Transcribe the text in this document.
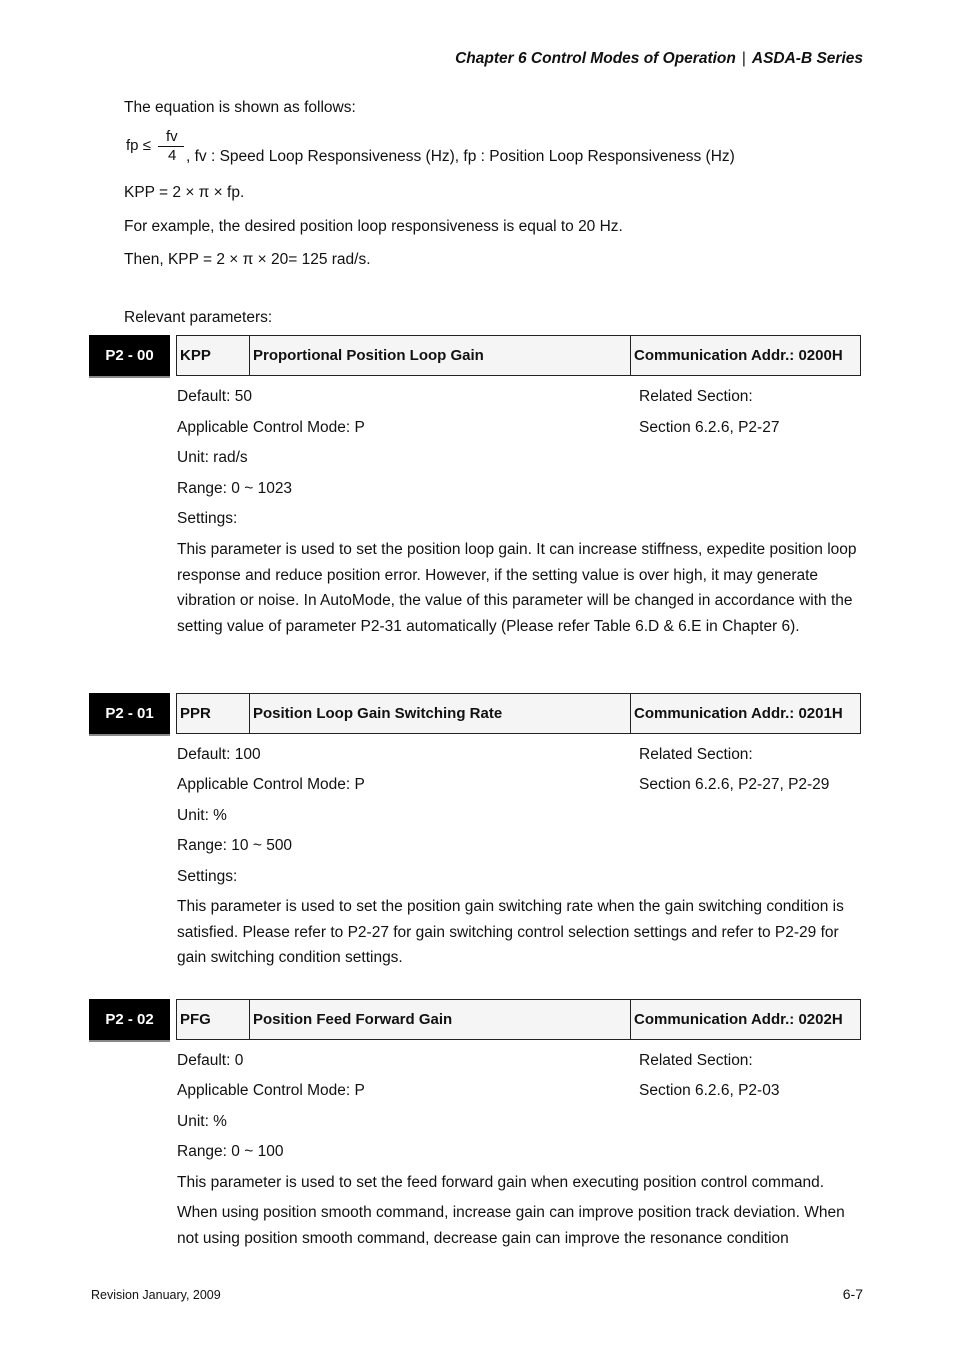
Chapter 6 Control Modes of Operation | ASDA-B Series
The equation is shown as follows:
fp ≤
fv
4 , fv : Speed Loop Responsiveness (Hz), fp : Position Loop Responsiveness (Hz)
KPP = 2 × π × fp.
For example, the desired position loop responsiveness is equal to 20 Hz.
Then, KPP = 2 × π × 20= 125 rad/s.
Relevant parameters:
P2 - 00	KPP	Proportional Position Loop Gain	Communication Addr.: 0200H
Default: 50	Related Section:
Applicable Control Mode: P	Section 6.2.6, P2-27
Unit: rad/s
Range: 0 ~ 1023
Settings:
This parameter is used to set the position loop gain. It can increase stiffness, expedite position loop response and reduce position error. However, if the setting value is over high, it may generate vibration or noise. In AutoMode, the value of this parameter will be changed in accordance with the setting value of parameter P2-31 automatically (Please refer Table 6.D & 6.E in Chapter 6).
P2 - 01	PPR	Position Loop Gain Switching Rate	Communication Addr.: 0201H
Default: 100	Related Section:
Applicable Control Mode: P	Section 6.2.6, P2-27, P2-29
Unit: %
Range: 10 ~ 500
Settings:
This parameter is used to set the position gain switching rate when the gain switching condition is satisfied. Please refer to P2-27 for gain switching control selection settings and refer to P2-29 for gain switching condition settings.
P2 - 02	PFG	Position Feed Forward Gain	Communication Addr.: 0202H
Default: 0	Related Section:
Applicable Control Mode: P	Section 6.2.6, P2-03
Unit: %
Range: 0 ~ 100
This parameter is used to set the feed forward gain when executing position control command.
When using position smooth command, increase gain can improve position track deviation. When not using position smooth command, decrease gain can improve the resonance condition
Revision January, 2009	6-7
